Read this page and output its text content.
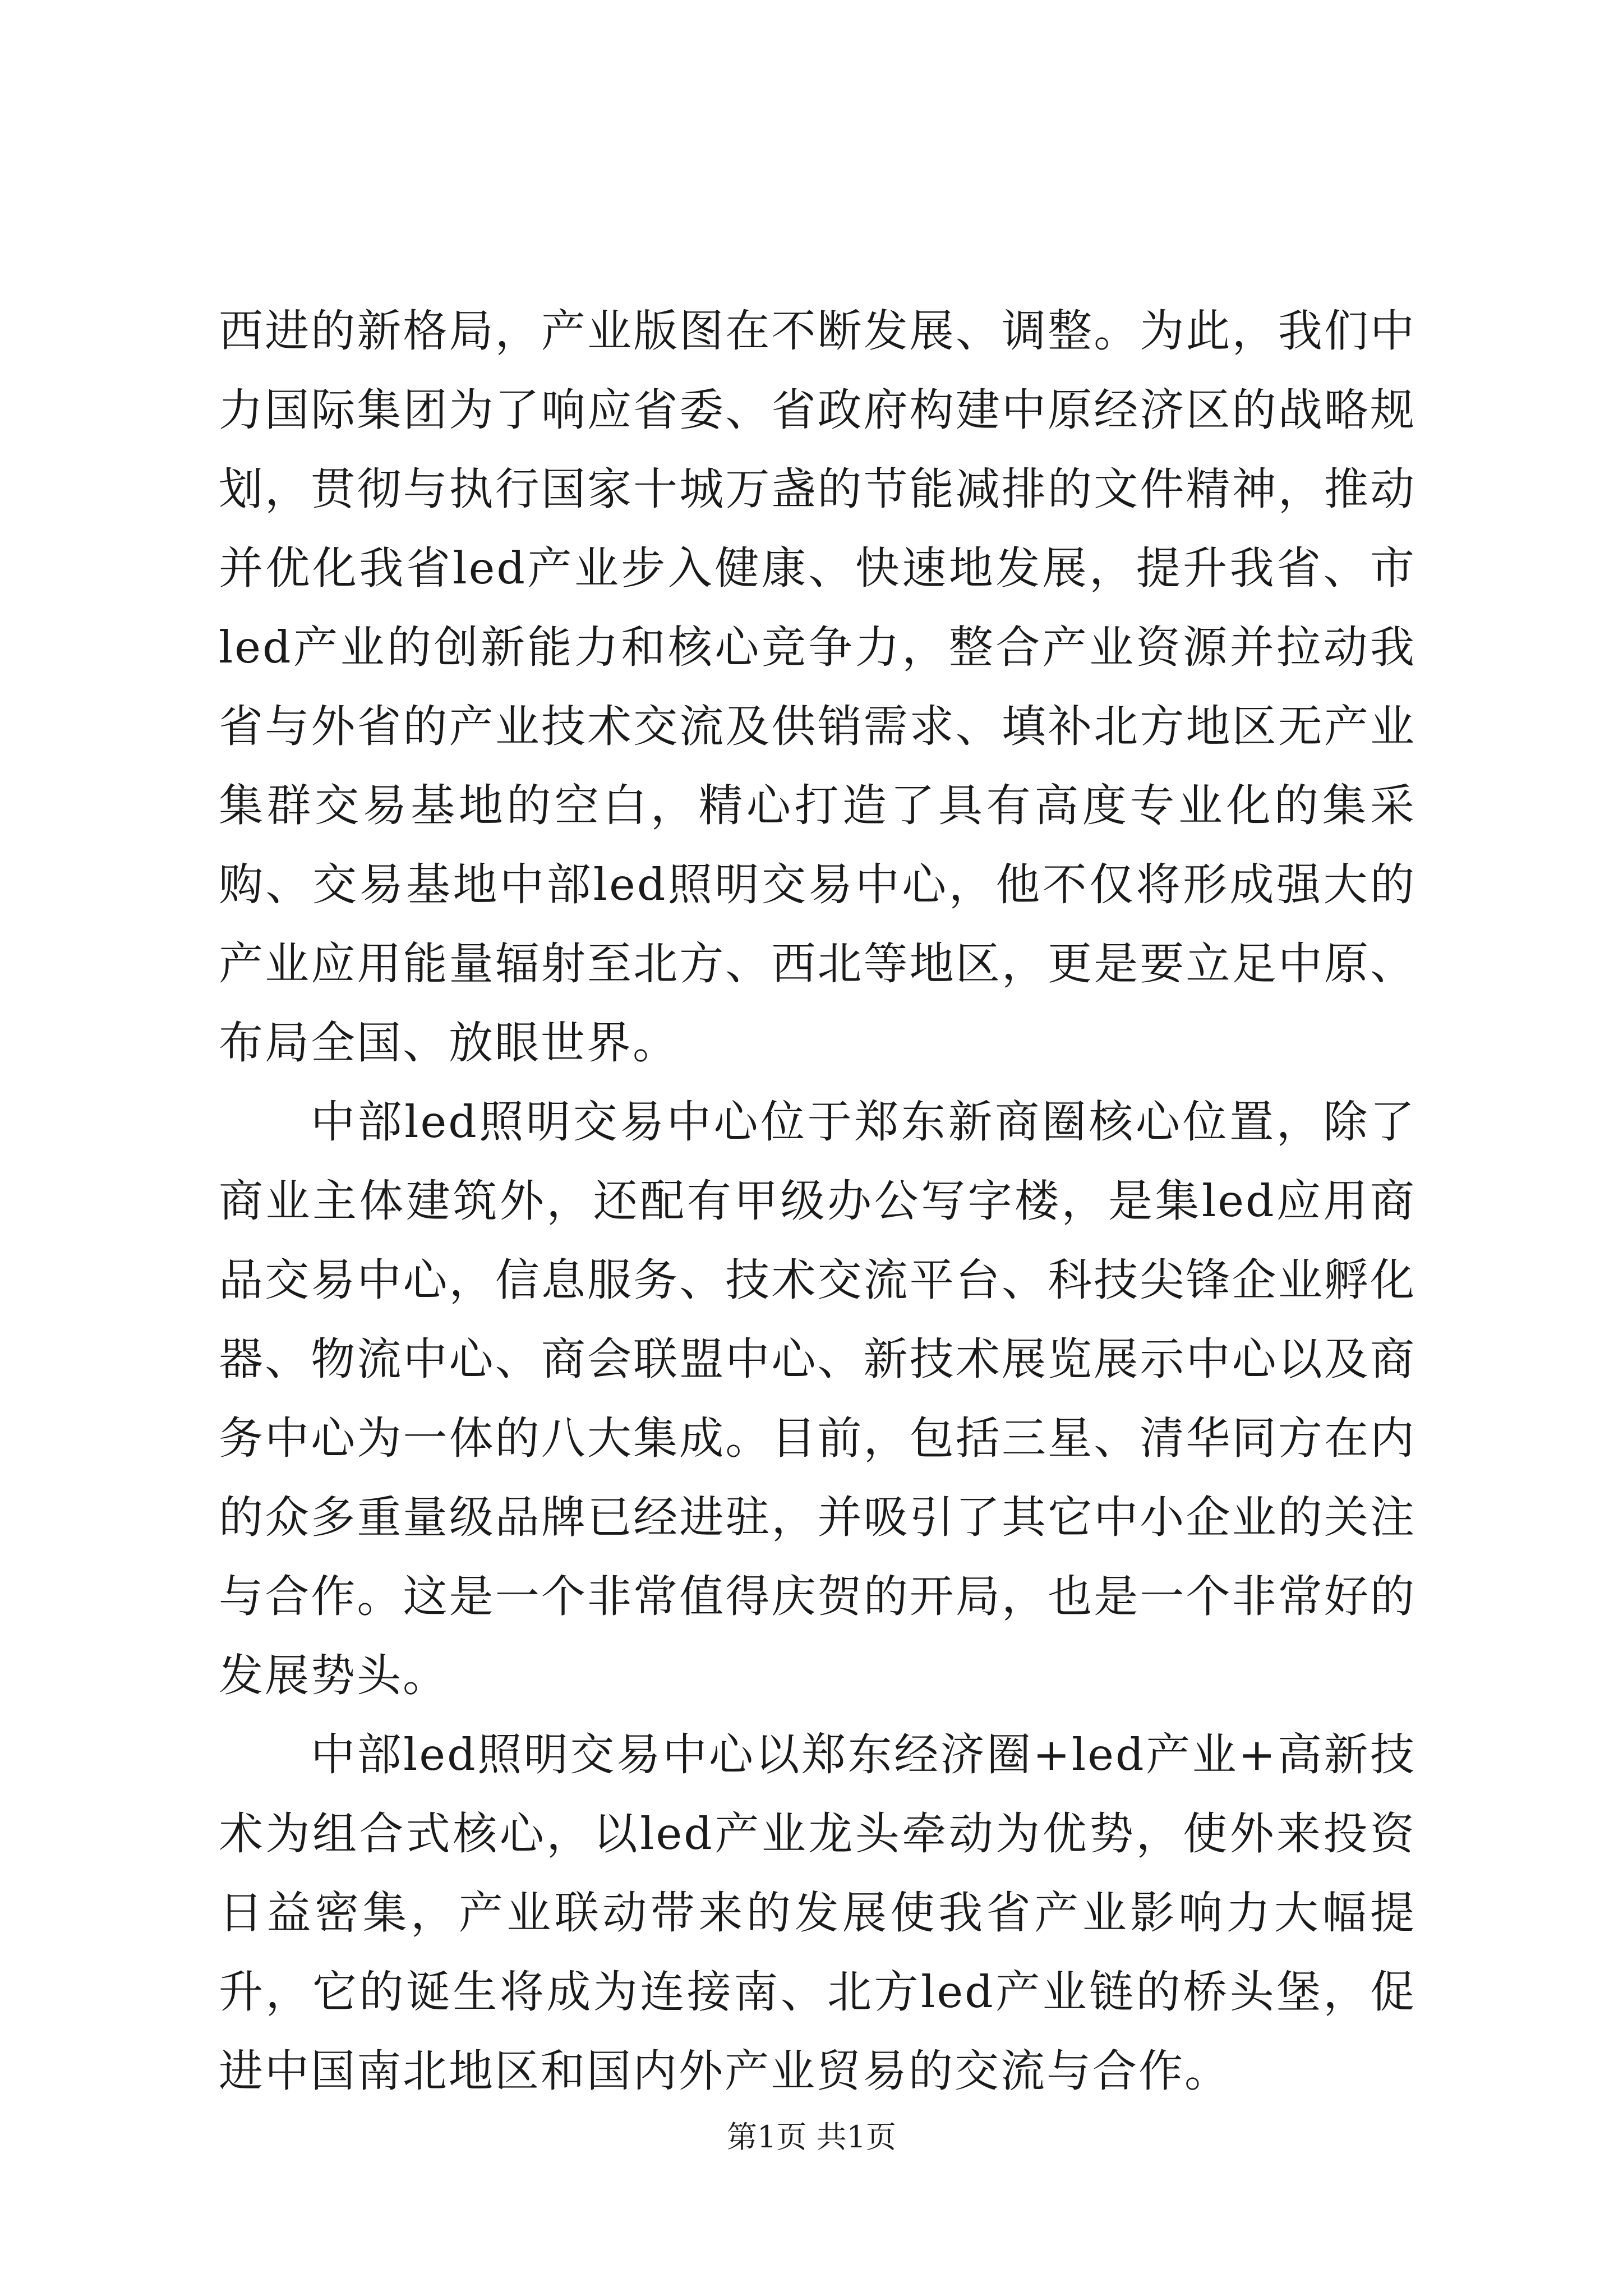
西进的新格局，产业版图在不断发展、调整。为此，我们中力国际集团为了响应省委、省政府构建中原经济区的战略规划，贯彻与执行国家十城万盏的节能减排的文件精神，推动并优化我省led产业步入健康、快速地发展，提升我省、市led产业的创新能力和核心竞争力，整合产业资源并拉动我省与外省的产业技术交流及供销需求、填补北方地区无产业集群交易基地的空白，精心打造了具有高度专业化的集采购、交易基地中部led照明交易中心，他不仅将形成强大的产业应用能量辐射至北方、西北等地区，更是要立足中原、布局全国、放眼世界。

中部led照明交易中心位于郑东新商圈核心位置，除了商业主体建筑外，还配有甲级办公写字楼，是集led应用商品交易中心，信息服务、技术交流平台、科技尖锋企业孵化器、物流中心、商会联盟中心、新技术展览展示中心以及商务中心为一体的八大集成。目前，包括三星、清华同方在内的众多重量级品牌已经进驻，并吸引了其它中小企业的关注与合作。这是一个非常值得庆贺的开局，也是一个非常好的发展势头。

中部led照明交易中心以郑东经济圈+led产业+高新技术为组合式核心，以led产业龙头牵动为优势，使外来投资日益密集，产业联动带来的发展使我省产业影响力大幅提升，它的诞生将成为连接南、北方led产业链的桥头堡，促进中国南北地区和国内外产业贸易的交流与合作。

第1页 共1页
